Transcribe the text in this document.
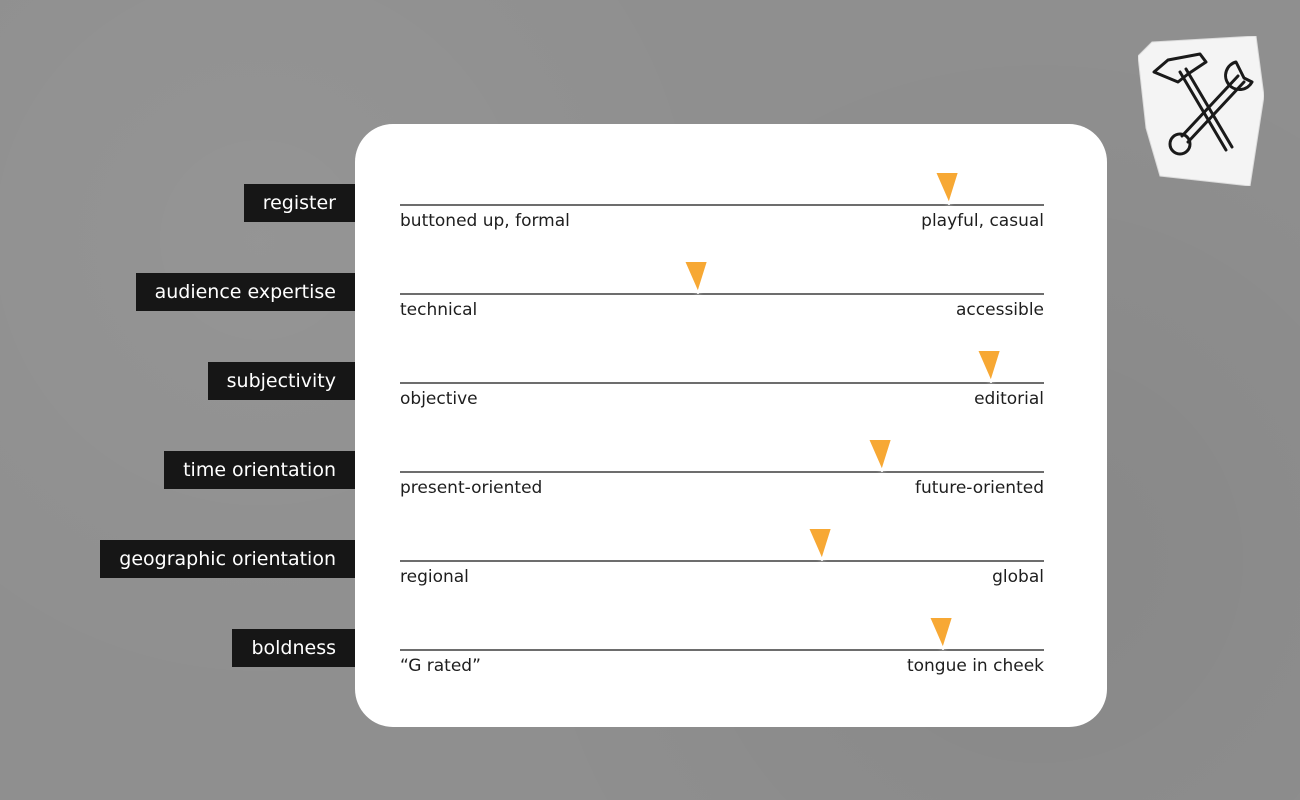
register
buttoned up, formal	playful, casual
audience expertise
technical	accessible
subjectivity
objective	editorial
time orientation
present-oriented	future-oriented
geographic orientation
regional	global
boldness
“G rated”	tongue in cheek
